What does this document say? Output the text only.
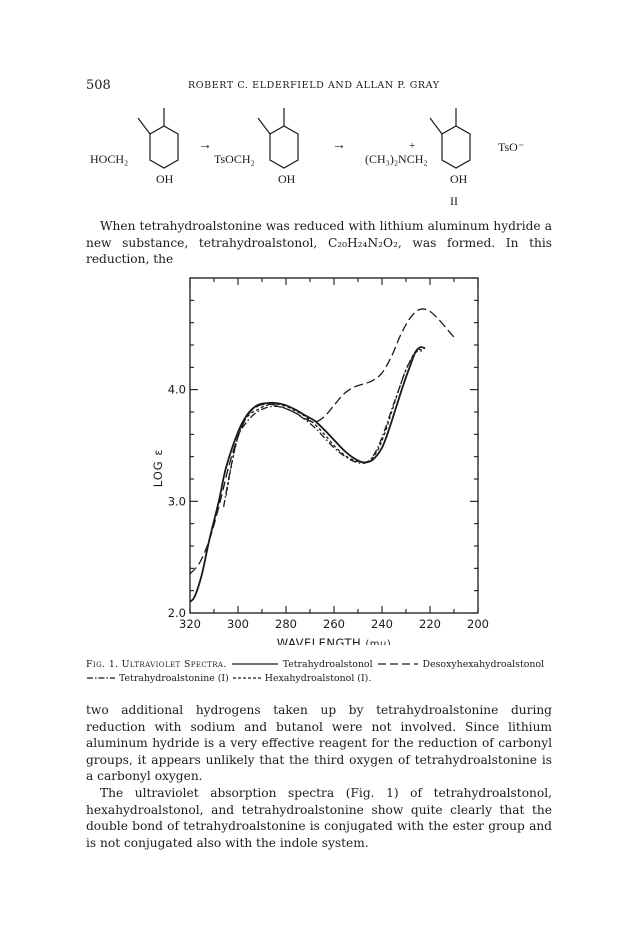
508	ROBERT C. ELDERFIELD AND ALLAN P. GRAY
HOCH₂
OH
→
TsOCH₂
OH
→	+
(CH₃)₂NCH₂
OH
TsO⁻
II

When tetrahydroalstonine was reduced with lithium aluminum hydride a new substance, tetrahydroalstonol, C₂₀H₂₄N₂O₂, was formed. In this reduction, the

320 300 280 260 240 220 200
2.0
3.0
4.0
WAVELENGTH (mμ)
LOG ε
Fig. 1. Ultraviolet Spectra.	Tetrahydroalstonol	Desoxyhexahydroalstonol
Tetrahydroalstonine (I)	Hexahydroalstonol (I).

two additional hydrogens taken up by tetrahydroalstonine during reduction with sodium and butanol were not involved. Since lithium aluminum hydride is a very effective reagent for the reduction of carbonyl groups, it appears unlikely that the third oxygen of tetrahydroalstonine is a carbonyl oxygen.

The ultraviolet absorption spectra (Fig. 1) of tetrahydroalstonol, hexahydroalstonol, and tetrahydroalstonine show quite clearly that the double bond of tetrahydroalstonine is conjugated with the ester group and is not conjugated also with the indole system.
